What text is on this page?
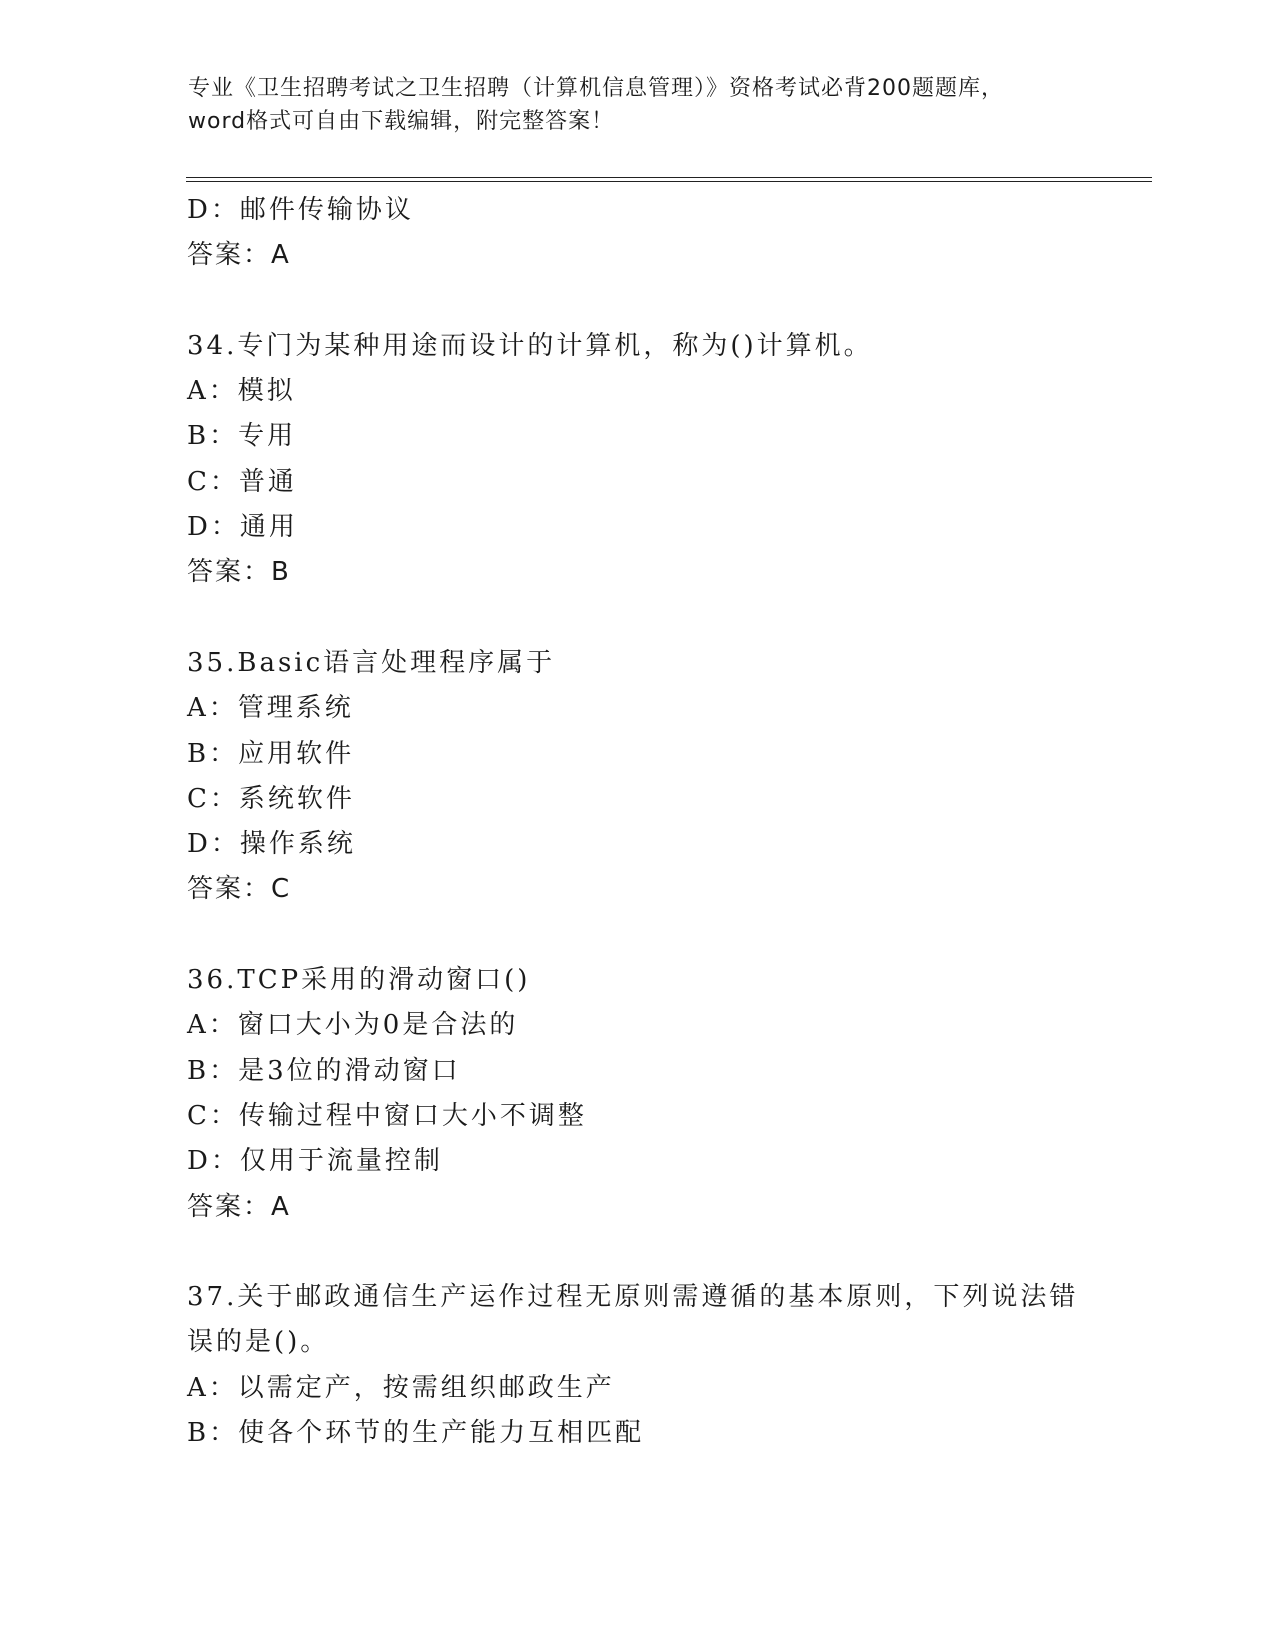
专业《卫生招聘考试之卫生招聘（计算机信息管理）》资格考试必背200题题库，
word格式可自由下载编辑，附完整答案！
D：邮件传输协议
答案：A
34.专门为某种用途而设计的计算机，称为()计算机。
A：模拟
B：专用
C：普通
D：通用
答案：B
35.Basic语言处理程序属于
A：管理系统
B：应用软件
C：系统软件
D：操作系统
答案：C
36.TCP采用的滑动窗口()
A：窗口大小为0是合法的
B：是3位的滑动窗口
C：传输过程中窗口大小不调整
D：仅用于流量控制
答案：A
37.关于邮政通信生产运作过程无原则需遵循的基本原则，下列说法错
误的是()。
A：以需定产，按需组织邮政生产
B：使各个环节的生产能力互相匹配
